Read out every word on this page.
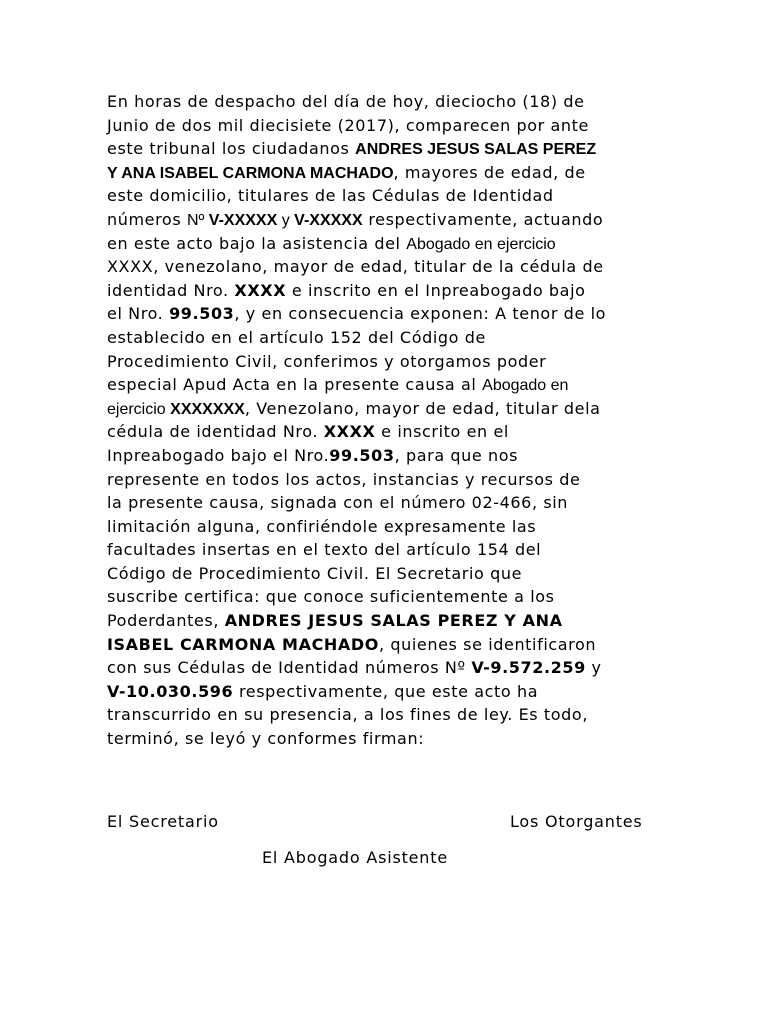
En horas de despacho del día de hoy, dieciocho (18) de
Junio de dos mil diecisiete (2017), comparecen por ante
este tribunal los ciudadanos ANDRES JESUS SALAS PEREZ
Y ANA ISABEL CARMONA MACHADO, mayores de edad, de
este domicilio, titulares de las Cédulas de Identidad
números Nº V-XXXXX y V-XXXXX respectivamente, actuando
en este acto bajo la asistencia del Abogado en ejercicio
XXXX, venezolano, mayor de edad, titular de la cédula de
identidad Nro. XXXX e inscrito en el Inpreabogado bajo
el Nro. 99.503, y en consecuencia exponen: A tenor de lo
establecido en el artículo 152 del Código de
Procedimiento Civil, conferimos y otorgamos poder
especial Apud Acta en la presente causa al Abogado en
ejercicio XXXXXXX, Venezolano, mayor de edad, titular dela
cédula de identidad Nro. XXXX e inscrito en el
Inpreabogado bajo el Nro.99.503, para que nos
represente en todos los actos, instancias y recursos de
la presente causa, signada con el número 02-466, sin
limitación alguna, confiriéndole expresamente las
facultades insertas en el texto del artículo 154 del
Código de Procedimiento Civil. El Secretario que
suscribe certifica: que conoce suficientemente a los
Poderdantes, ANDRES JESUS SALAS PEREZ Y ANA
ISABEL CARMONA MACHADO, quienes se identificaron
con sus Cédulas de Identidad números Nº V-9.572.259 y
V-10.030.596 respectivamente, que este acto ha
transcurrido en su presencia, a los fines de ley. Es todo,
terminó, se leyó y conformes firman:
El Secretario	Los Otorgantes
El Abogado Asistente
